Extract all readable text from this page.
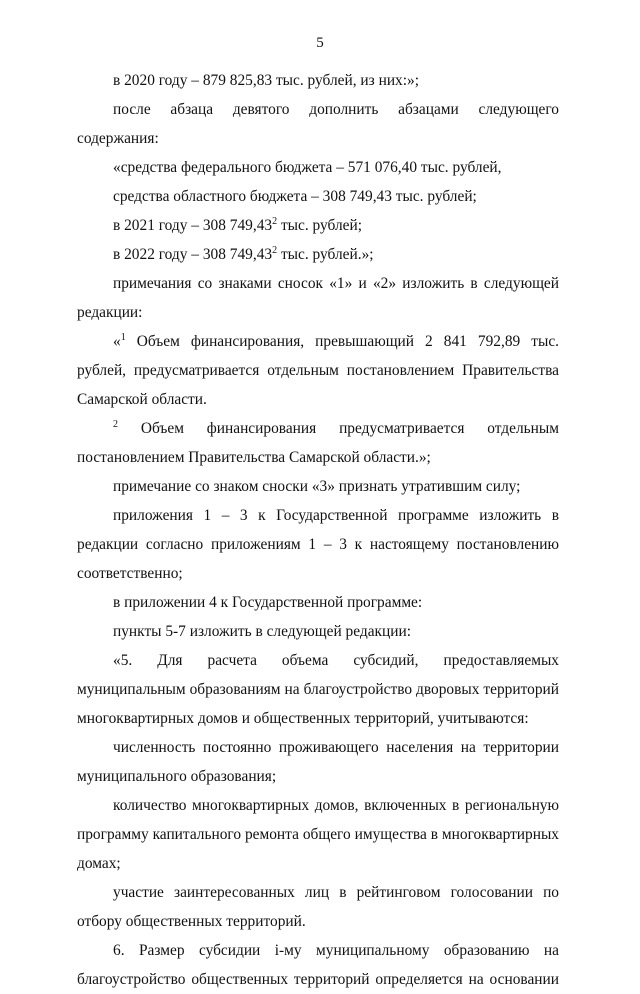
5

в 2020 году – 879 825,83 тыс. рублей, из них:»;

после абзаца девятого дополнить абзацами следующего содержания:

«средства федерального бюджета – 571 076,40 тыс. рублей,

средства областного бюджета – 308 749,43 тыс. рублей;

в 2021 году – 308 749,43$^2$ тыс. рублей;

в 2022 году – 308 749,43$^2$ тыс. рублей.»;

примечания со знаками сносок «1» и «2» изложить в следующей редакции:

«$^1$ Объем финансирования, превышающий 2 841 792,89 тыс. рублей, предусматривается отдельным постановлением Правительства Самарской области.

$^2$ Объем финансирования предусматривается отдельным постановлением Правительства Самарской области.»;

примечание со знаком сноски «3» признать утратившим силу;

приложения 1 – 3 к Государственной программе изложить в редакции согласно приложениям 1 – 3 к настоящему постановлению соответственно;

в приложении 4 к Государственной программе:

пункты 5-7 изложить в следующей редакции:

«5. Для расчета объема субсидий, предоставляемых муниципальным образованиям на благоустройство дворовых территорий многоквартирных домов и общественных территорий, учитываются:

численность постоянно проживающего населения на территории муниципального образования;

количество многоквартирных домов, включенных в региональную программу капитального ремонта общего имущества в многоквартирных домах;

участие заинтересованных лиц в рейтинговом голосовании по отбору общественных территорий.

6. Размер субсидии i-му муниципальному образованию на благоустройство общественных территорий определяется на основании
